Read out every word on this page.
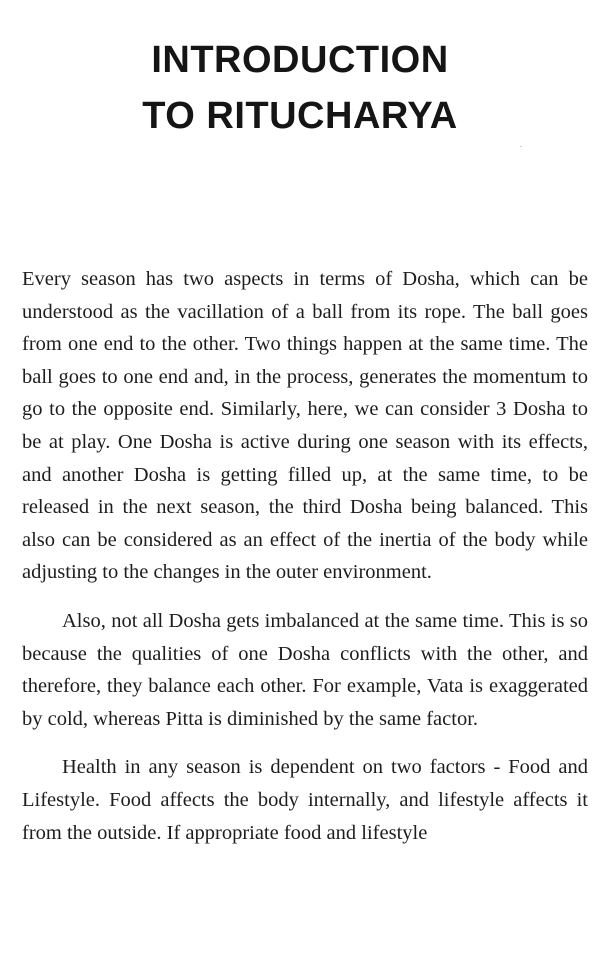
INTRODUCTION
TO RITUCHARYA

Every season has two aspects in terms of Dosha, which can be understood as the vacillation of a ball from its rope. The ball goes from one end to the other. Two things happen at the same time. The ball goes to one end and, in the process, generates the momentum to go to the opposite end. Similarly, here, we can consider 3 Dosha to be at play. One Dosha is active during one season with its effects, and another Dosha is getting filled up, at the same time, to be released in the next season, the third Dosha being balanced. This also can be considered as an effect of the inertia of the body while adjusting to the changes in the outer environment.

Also, not all Dosha gets imbalanced at the same time. This is so because the qualities of one Dosha conflicts with the other, and therefore, they balance each other. For example, Vata is exaggerated by cold, whereas Pitta is diminished by the same factor.

Health in any season is dependent on two factors - Food and Lifestyle. Food affects the body internally, and lifestyle affects it from the outside. If appropriate food and lifestyle
